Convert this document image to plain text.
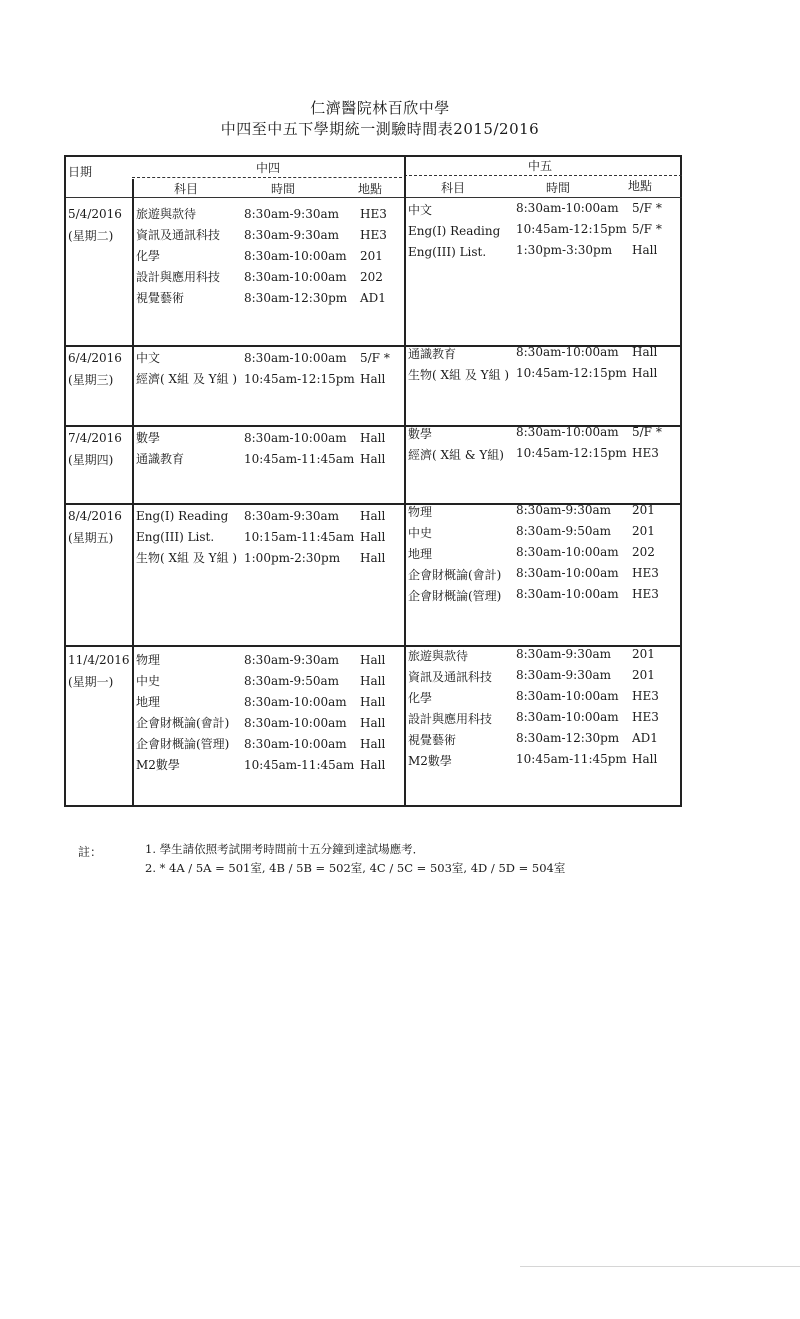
仁濟醫院林百欣中學
中四至中五下學期統一測驗時間表2015/2016
日期	中四	中五
科目	時間	地點	科目	時間	地點
5/4/2016
(星期二)
旅遊與款待	8:30am-9:30am HE3
資訊及通訊科技 8:30am-9:30am HE3
化學	8:30am-10:00am 201
設計與應用科技 8:30am-10:00am 202
視覺藝術	8:30am-12:30pm AD1
中文	8:30am-10:00am 5/F *
Eng(I) Reading 10:45am-12:15pm 5/F *
Eng(III) List. 1:30pm-3:30pm Hall
6/4/2016
(星期三)
中文	8:30am-10:00am 5/F *
經濟( X組 及 Y組 ) 10:45am-12:15pm Hall
通識教育	8:30am-10:00am Hall
生物( X組 及 Y組 ) 10:45am-12:15pm Hall
7/4/2016
(星期四)
數學	8:30am-10:00am Hall
通識教育	10:45am-11:45am Hall
數學	8:30am-10:00am 5/F *
經濟( X組 & Y組) 10:45am-12:15pm HE3
8/4/2016
(星期五)
Eng(I) Reading 8:30am-9:30am Hall
Eng(III) List. 10:15am-11:45am Hall
生物( X組 及 Y組 ) 1:00pm-2:30pm Hall
物理	8:30am-9:30am 201
中史	8:30am-9:50am 201
地理	8:30am-10:00am 202
企會財概論(會計) 8:30am-10:00am HE3
企會財概論(管理) 8:30am-10:00am HE3
11/4/2016
(星期一)
物理	8:30am-9:30am Hall
中史	8:30am-9:50am Hall
地理	8:30am-10:00am Hall
企會財概論(會計) 8:30am-10:00am Hall
企會財概論(管理) 8:30am-10:00am Hall
M2數學	10:45am-11:45am Hall
旅遊與款待	8:30am-9:30am 201
資訊及通訊科技 8:30am-9:30am 201
化學	8:30am-10:00am HE3
設計與應用科技 8:30am-10:00am HE3
視覺藝術	8:30am-12:30pm AD1
M2數學	10:45am-11:45pm Hall
註：	1. 學生請依照考試開考時間前十五分鐘到達試場應考．
2. * 4A / 5A = 501室, 4B / 5B = 502室, 4C / 5C = 503室, 4D / 5D = 504室
